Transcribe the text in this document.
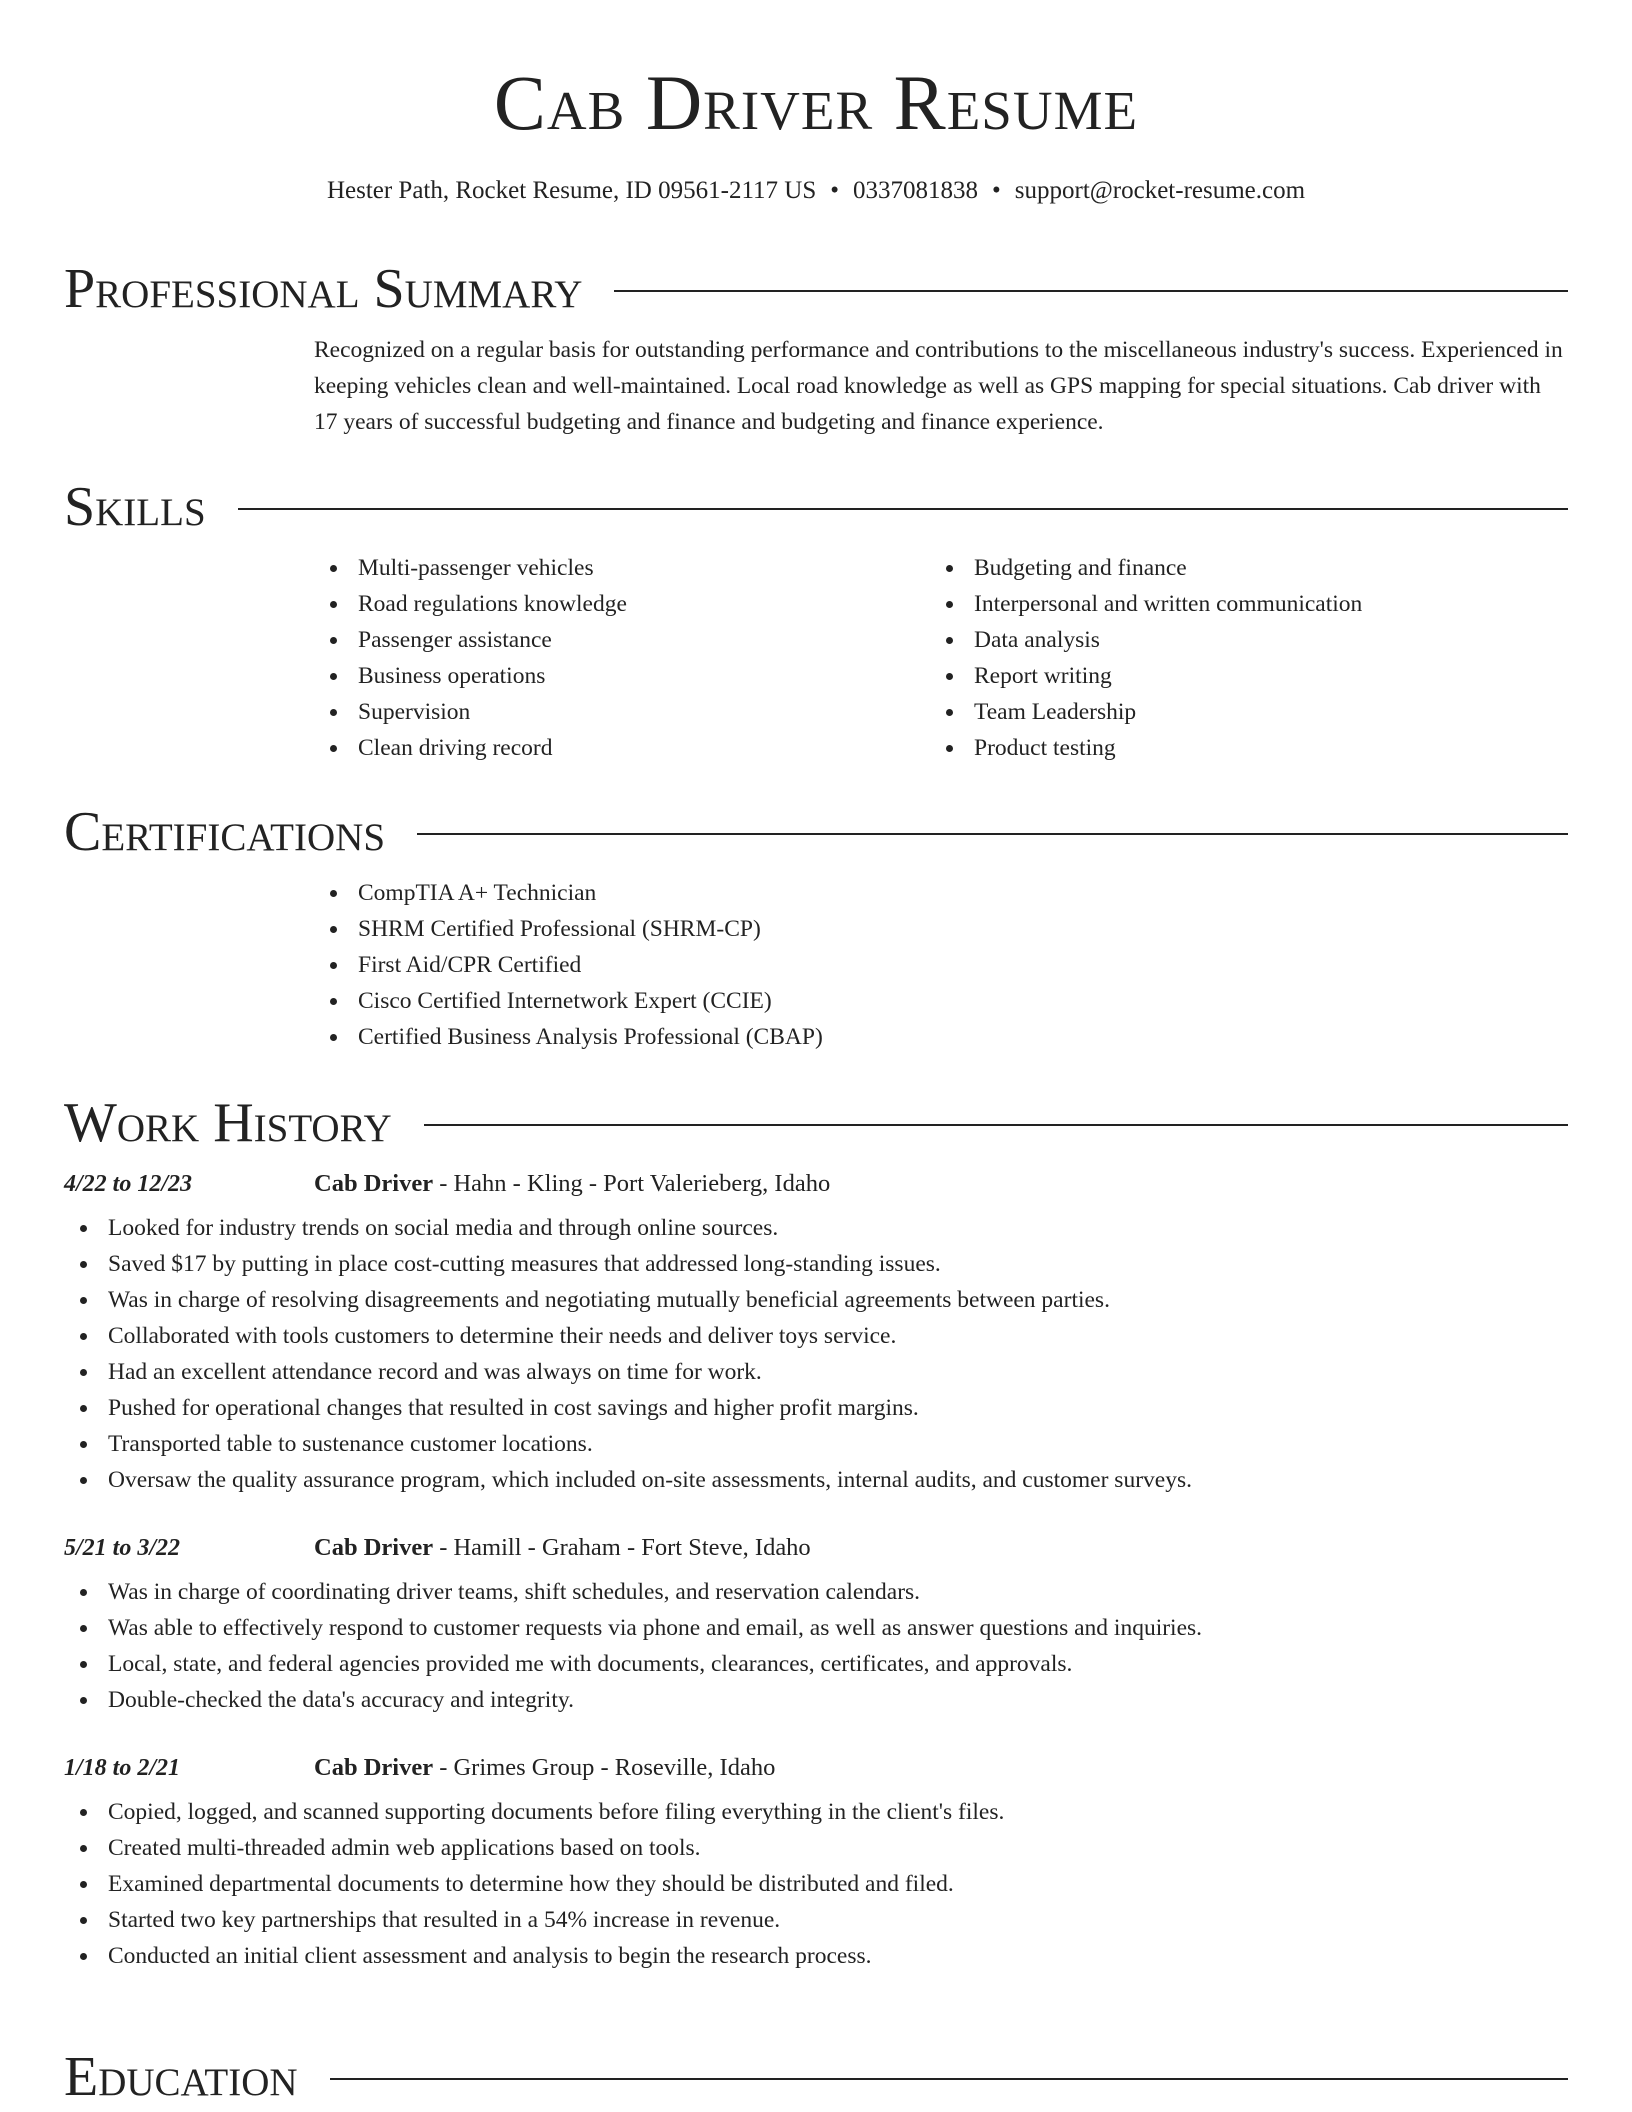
Cab Driver Resume
Hester Path, Rocket Resume, ID 09561-2117 US • 0337081838 • support@rocket-resume.com
Professional Summary
Recognized on a regular basis for outstanding performance and contributions to the miscellaneous industry's success. Experienced in keeping vehicles clean and well-maintained. Local road knowledge as well as GPS mapping for special situations. Cab driver with 17 years of successful budgeting and finance and budgeting and finance experience.
Skills
Multi-passenger vehicles
Road regulations knowledge
Passenger assistance
Business operations
Supervision
Clean driving record
Budgeting and finance
Interpersonal and written communication
Data analysis
Report writing
Team Leadership
Product testing
Certifications
CompTIA A+ Technician
SHRM Certified Professional (SHRM-CP)
First Aid/CPR Certified
Cisco Certified Internetwork Expert (CCIE)
Certified Business Analysis Professional (CBAP)
Work History
4/22 to 12/23	Cab Driver - Hahn - Kling - Port Valerieberg, Idaho
Looked for industry trends on social media and through online sources.
Saved $17 by putting in place cost-cutting measures that addressed long-standing issues.
Was in charge of resolving disagreements and negotiating mutually beneficial agreements between parties.
Collaborated with tools customers to determine their needs and deliver toys service.
Had an excellent attendance record and was always on time for work.
Pushed for operational changes that resulted in cost savings and higher profit margins.
Transported table to sustenance customer locations.
Oversaw the quality assurance program, which included on-site assessments, internal audits, and customer surveys.
5/21 to 3/22	Cab Driver - Hamill - Graham - Fort Steve, Idaho
Was in charge of coordinating driver teams, shift schedules, and reservation calendars.
Was able to effectively respond to customer requests via phone and email, as well as answer questions and inquiries.
Local, state, and federal agencies provided me with documents, clearances, certificates, and approvals.
Double-checked the data's accuracy and integrity.
1/18 to 2/21	Cab Driver - Grimes Group - Roseville, Idaho
Copied, logged, and scanned supporting documents before filing everything in the client's files.
Created multi-threaded admin web applications based on tools.
Examined departmental documents to determine how they should be distributed and filed.
Started two key partnerships that resulted in a 54% increase in revenue.
Conducted an initial client assessment and analysis to begin the research process.
Education
